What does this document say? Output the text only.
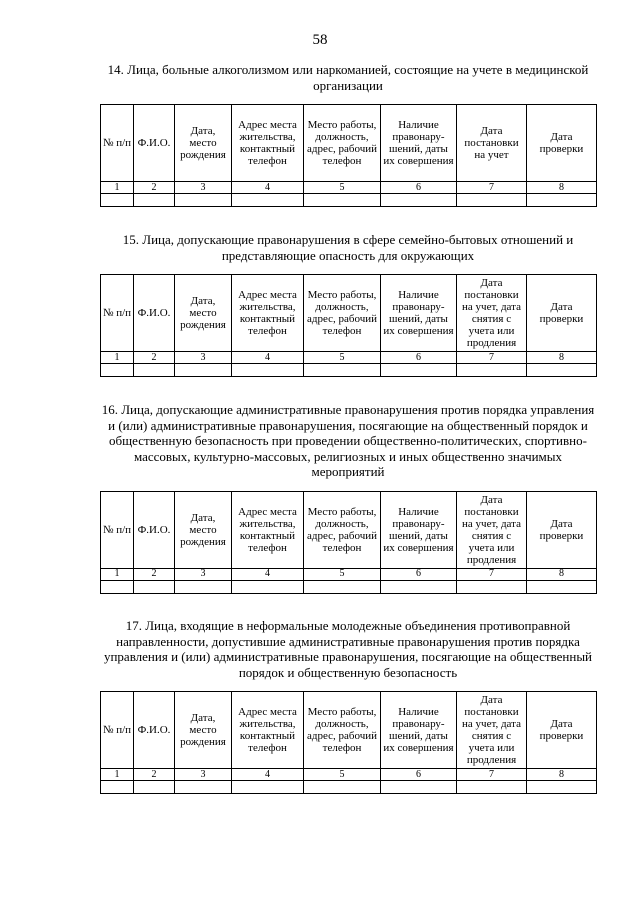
58
14. Лица, больные алкоголизмом или наркоманией, состоящие на учете в медицинской организации
№ п/п	Ф.И.О.	Дата, место рождения	Адрес места жительства, контактный телефон	Место работы, должность, адрес, рабочий телефон	Наличие правонару-шений, даты их совершения	Дата постановки на учет	Дата проверки
1	2	3	4	5	6	7	8

15. Лица, допускающие правонарушения в сфере семейно-бытовых отношений и представляющие опасность для окружающих
№ п/п	Ф.И.О.	Дата, место рождения	Адрес места жительства, контактный телефон	Место работы, должность, адрес, рабочий телефон	Наличие правонару-шений, даты их совершения	Дата постановки на учет, дата снятия с учета или продления	Дата проверки
1	2	3	4	5	6	7	8

16. Лица, допускающие административные правонарушения против порядка управления и (или) административные правонарушения, посягающие на общественный порядок и общественную безопасность при проведении общественно-политических, спортивно-массовых, культурно-массовых, религиозных и иных общественно значимых мероприятий
№ п/п	Ф.И.О.	Дата, место рождения	Адрес места жительства, контактный телефон	Место работы, должность, адрес, рабочий телефон	Наличие правонару-шений, даты их совершения	Дата постановки на учет, дата снятия с учета или продления	Дата проверки
1	2	3	4	5	6	7	8

17. Лица, входящие в неформальные молодежные объединения противоправной направленности, допустившие административные правонарушения против порядка управления и (или) административные правонарушения, посягающие на общественный порядок и общественную безопасность
№ п/п	Ф.И.О.	Дата, место рождения	Адрес места жительства, контактный телефон	Место работы, должность, адрес, рабочий телефон	Наличие правонару-шений, даты их совершения	Дата постановки на учет, дата снятия с учета или продления	Дата проверки
1	2	3	4	5	6	7	8
